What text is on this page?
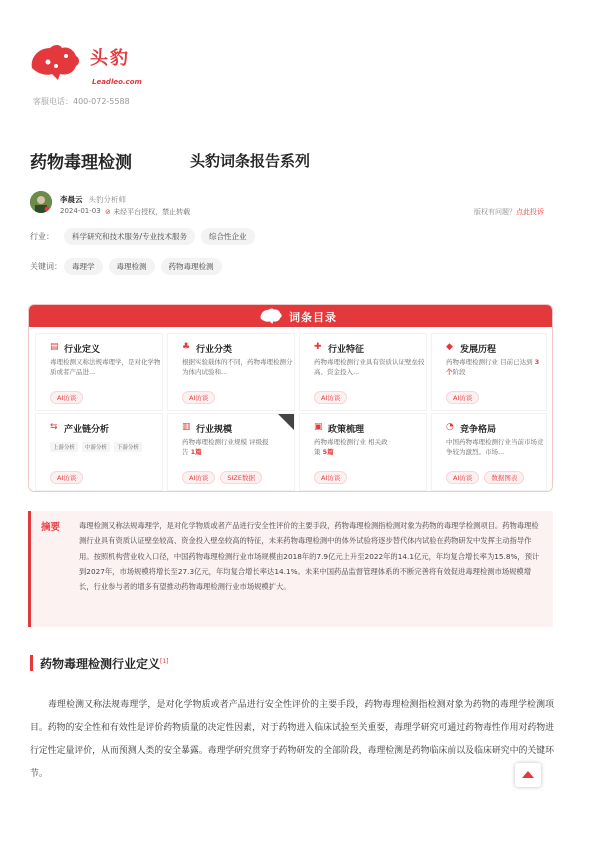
头豹
Leadleo.com
客服电话：400-072-5588
药物毒理检测	头豹词条报告系列
李晨云 头豹分析师
2024-01-03 ⊘ 未经平台授权，禁止转载	版权有问题？点此投诉
行业：	科学研究和技术服务/专业技术服务	综合性企业
关键词：	毒理学	毒理检测	药物毒理检测
词条目录
▤ 行业定义
毒理检测又称法规毒理学，是对化学物质或者产品进...
AI访谈
♣ 行业分类
根据实验载体的不同，药物毒理检测分为体内试验和...
AI访谈
✚ 行业特征
药物毒理检测行业具有资质认证壁垒较高、资金投入...
AI访谈
◆ 发展历程
药物毒理检测行业 目前已达到 3个阶段
AI访谈
⇆ 产业链分析
上游分析	中游分析	下游分析
AI访谈
▥ 行业规模
药物毒理检测行业规模 评级报告 1篇
AI访谈	SIZE数据
▣ 政策梳理
药物毒理检测行业 相关政策 5篇
AI访谈
◔ 竞争格局
中国药物毒理检测行业当前市场竞争较为激烈。市场...
AI访谈	数据图表
摘要	毒理检测又称法规毒理学，是对化学物质或者产品进行安全性评价的主要手段，药物毒理检测指检测对象为药物的毒理学检测项目。药物毒理检测行业具有资质认证壁垒较高、资金投入壁垒较高的特征，未来药物毒理检测中的体外试验将逐步替代体内试验在药物研发中发挥主动指导作用。按照机构营业收入口径，中国药物毒理检测行业市场规模由2018年的7.9亿元上升至2022年的14.1亿元，年均复合增长率为15.8%，预计到2027年，市场规模将增长至27.3亿元，年均复合增长率达14.1%。未来中国药品监督管理体系的不断完善将有效促进毒理检测市场规模增长，行业参与者的增多有望推动药物毒理检测行业市场规模扩大。
药物毒理检测行业定义[1]
毒理检测又称法规毒理学，是对化学物质或者产品进行安全性评价的主要手段，药物毒理检测指检测对象为药物的毒理学检测项目。药物的安全性和有效性是评价药物质量的决定性因素，对于药物进入临床试验至关重要，毒理学研究可通过药物毒性作用对药物进行定性定量评价，从而预测人类的安全暴露。毒理学研究贯穿于药物研发的全部阶段，毒理检测是药物临床前以及临床研究中的关键环节。
